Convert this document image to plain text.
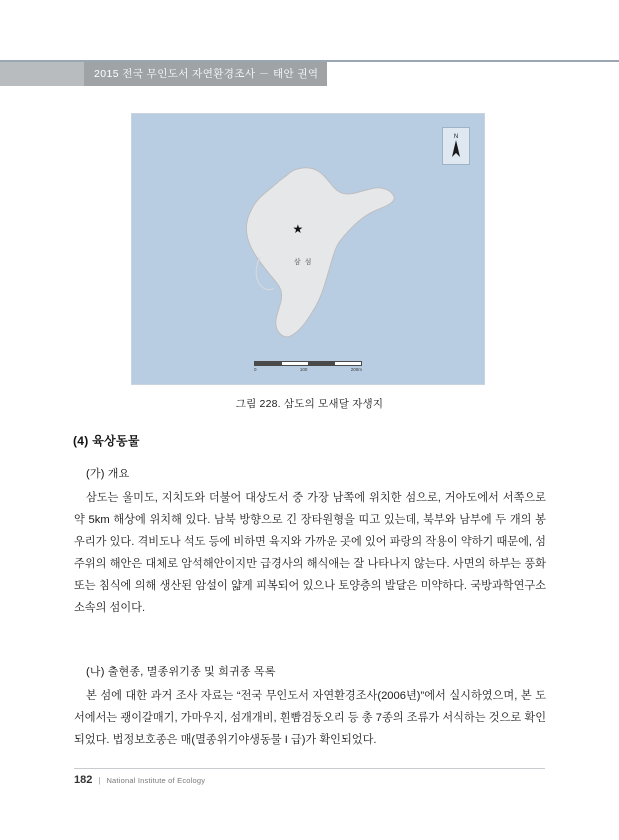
2015 전국 무인도서 자연환경조사 － 태안 권역
★
삼 섬
N
0	100	200m
그림 228. 삼도의 모새달 자생지
(4) 육상동물
(가) 개요
삼도는 울미도, 지치도와 더불어 대상도서 중 가장 남쪽에 위치한 섬으로, 거아도에서 서쪽으로 약 5km 해상에 위치해 있다. 남북 방향으로 긴 장타원형을 띠고 있는데, 북부와 남부에 두 개의 봉우리가 있다. 격비도나 석도 등에 비하면 육지와 가까운 곳에 있어 파랑의 작용이 약하기 때문에, 섬 주위의 해안은 대체로 암석해안이지만 급경사의 해식애는 잘 나타나지 않는다. 사면의 하부는 풍화 또는 침식에 의해 생산된 암설이 얇게 피복되어 있으나 토양층의 발달은 미약하다. 국방과학연구소 소속의 섬이다.
(나) 출현종, 멸종위기종 및 희귀종 목록
본 섬에 대한 과거 조사 자료는 “전국 무인도서 자연환경조사(2006년)”에서 실시하였으며, 본 도서에서는 괭이갈매기, 가마우지, 섬개개비, 흰빰검둥오리 등 총 7종의 조류가 서식하는 것으로 확인되었다. 법정보호종은 매(멸종위기야생동물 I 급)가 확인되었다.
182 | National Institute of Ecology
